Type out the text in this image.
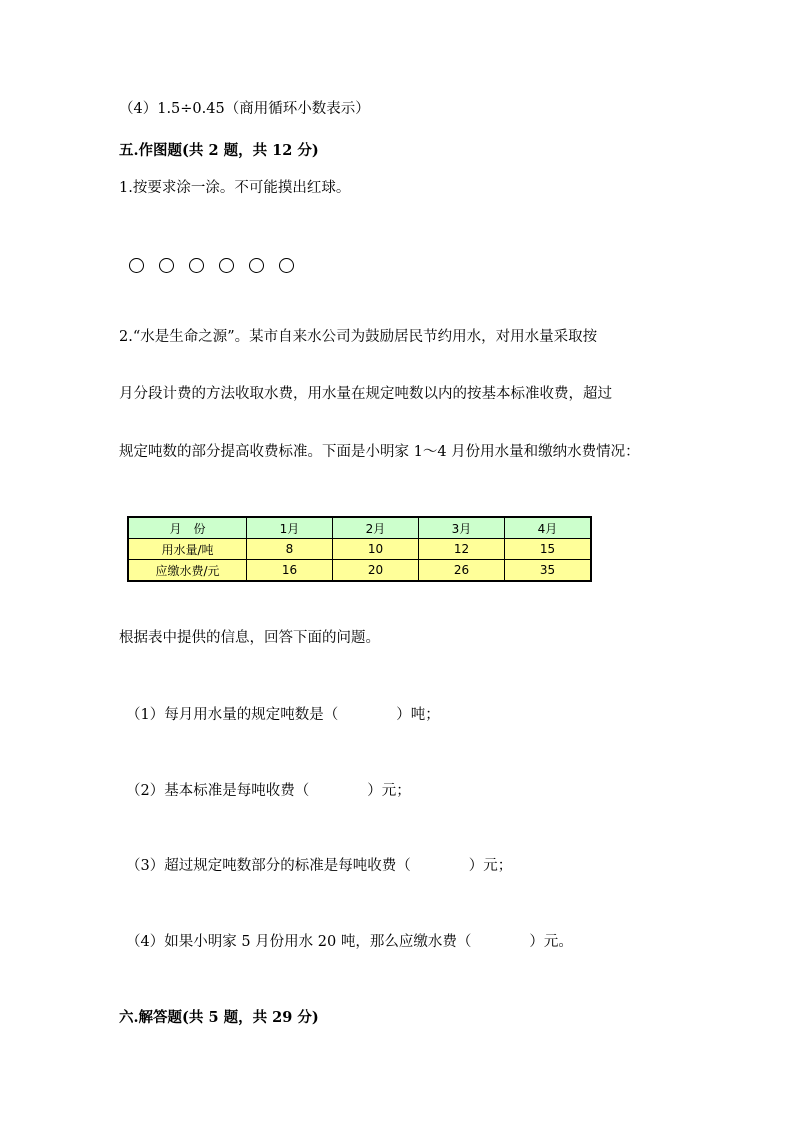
（4）1.5÷0.45（商用循环小数表示）
五.作图题(共 2 题，共 12 分)
1.按要求涂一涂。不可能摸出红球。
2.“水是生命之源”。某市自来水公司为鼓励居民节约用水，对用水量采取按
月分段计费的方法收取水费，用水量在规定吨数以内的按基本标准收费，超过
规定吨数的部分提高收费标准。下面是小明家 1～4 月份用水量和缴纳水费情况：
月　份	1月	2月	3月	4月
用水量/吨	8	10	12	15
应缴水费/元	16	20	26	35
根据表中提供的信息，回答下面的问题。
（1）每月用水量的规定吨数是（　　　　）吨；
（2）基本标准是每吨收费（　　　　）元；
（3）超过规定吨数部分的标准是每吨收费（　　　　）元；
（4）如果小明家 5 月份用水 20 吨，那么应缴水费（　　　　）元。
六.解答题(共 5 题，共 29 分)
